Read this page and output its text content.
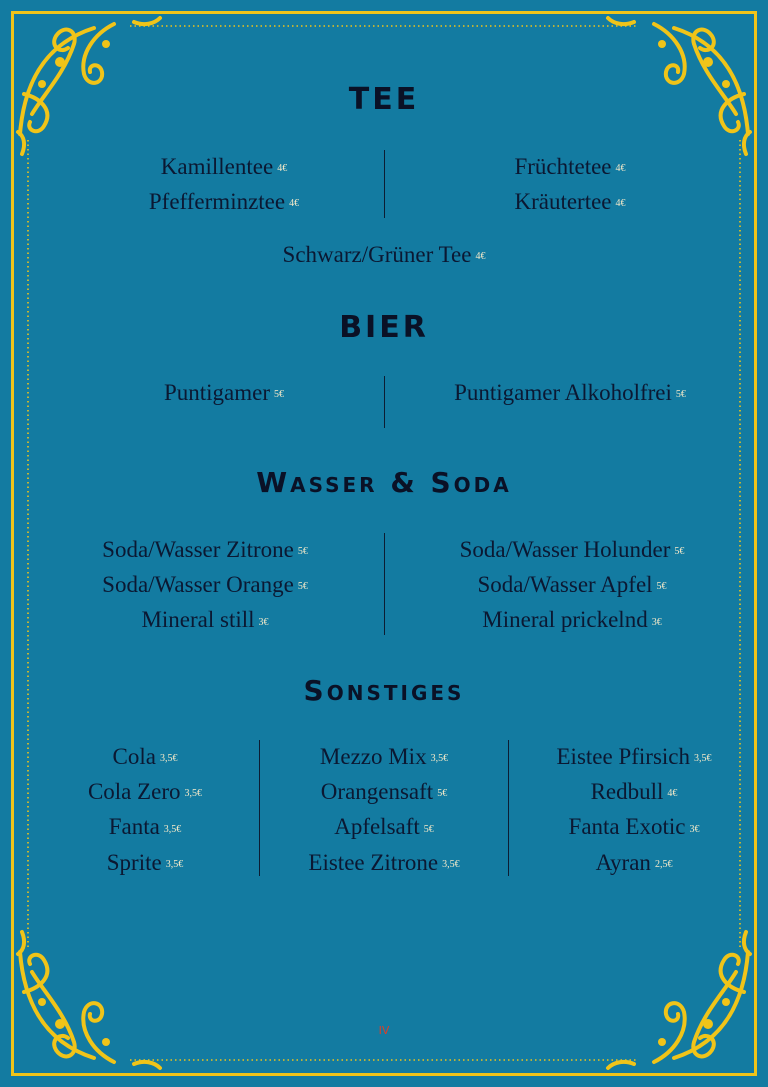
TEE
Kamillentee 4€
Pfefferminztee 4€
Früchtetee 4€
Kräutertee 4€
Schwarz/Grüner Tee 4€
BIER
Puntigamer 5€	Puntigamer Alkoholfrei 5€
Wasser & Soda
Soda/Wasser Zitrone 5€
Soda/Wasser Orange 5€
Mineral still 3€
Soda/Wasser Holunder 5€
Soda/Wasser Apfel 5€
Mineral prickelnd 3€
Sonstiges
Cola 3,5€
Cola Zero 3,5€
Fanta 3,5€
Sprite 3,5€
Mezzo Mix 3,5€
Orangensaft 5€
Apfelsaft 5€
Eistee Zitrone 3,5€
Eistee Pfirsich 3,5€
Redbull 4€
Fanta Exotic 3€
Ayran 2,5€
IV
